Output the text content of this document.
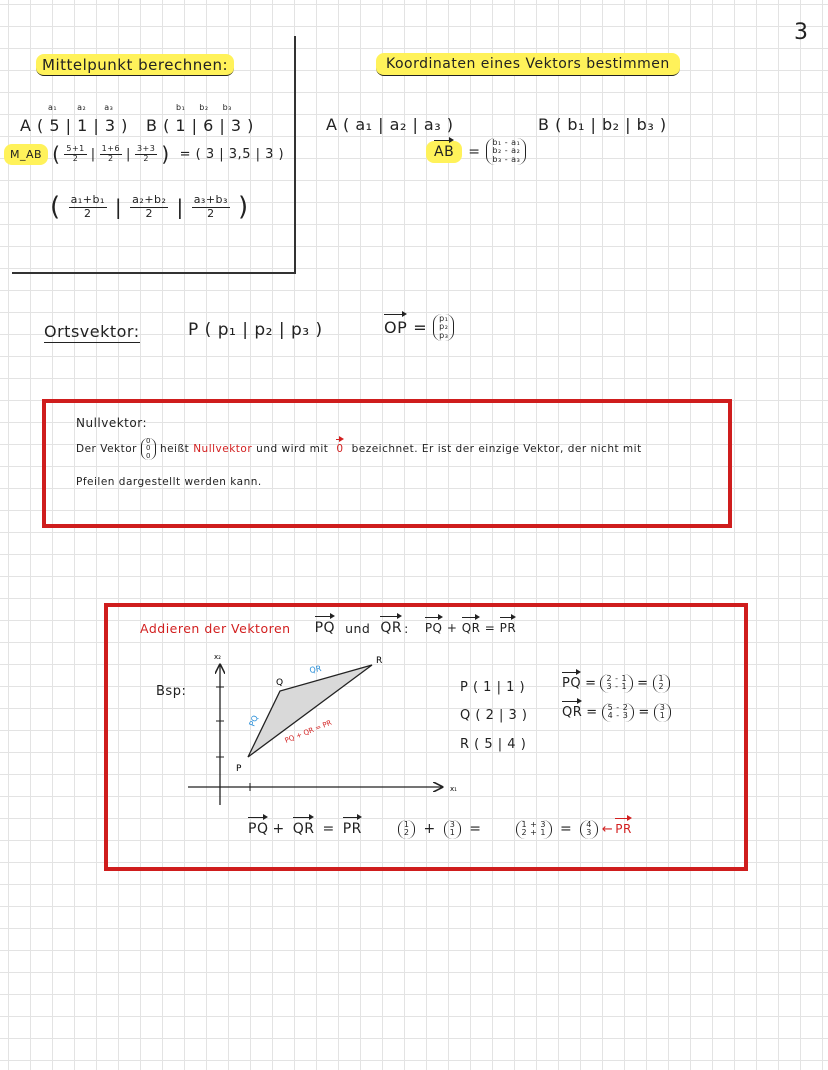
3
Mittelpunkt berechnen:
a₁	a₂ a₃	b₁ b₂ b₃
A ( 5 | 1 | 3 ) B ( 1 | 6 | 3 )
M_AB ( $\frac{5+1}{2}$ | $\frac{1+6}{2}$ | $\frac{3+3}{2}$ ) = ( 3 | 3,5 | 3 )
( $\frac{\text{a₁+b₁}}{2}$ | $\frac{\text{a₂+b₂}}{2}$ | $\frac{\text{a₃+b₃}}{2}$ )
Koordinaten eines Vektors bestimmen
A ( a₁ | a₂ | a₃ )	B ( b₁ | b₂ | b₃ )
AB	=
b₁ - a₁
b₂ - a₂
b₃ - a₃
Ortsvektor:	P ( p₁ | p₂ | p₃ )	OP = p₁
p₂
p₃
Nullvektor:
Der Vektor
0
0
0
heißt Nullvektor und wird mit 0 bezeichnet. Er ist der einzige Vektor, der nicht mit
Pfeilen dargestellt werden kann.
Addieren der Vektoren PQ und QR : PQ + QR = PR
Bsp:
x₂
x₁
P
Q
R
QR
PQ	PQ + QR = PR
P ( 1 | 1 )
Q ( 2 | 3 )
R ( 5 | 4 )
PQ = 2 - 1
3 - 1 = 1
2
QR = 5 - 2
4 - 3 = 3
1
PQ + QR = PR	1
2 + 3
1 =	1 + 3
2 + 1 = 4
3 ← PR
